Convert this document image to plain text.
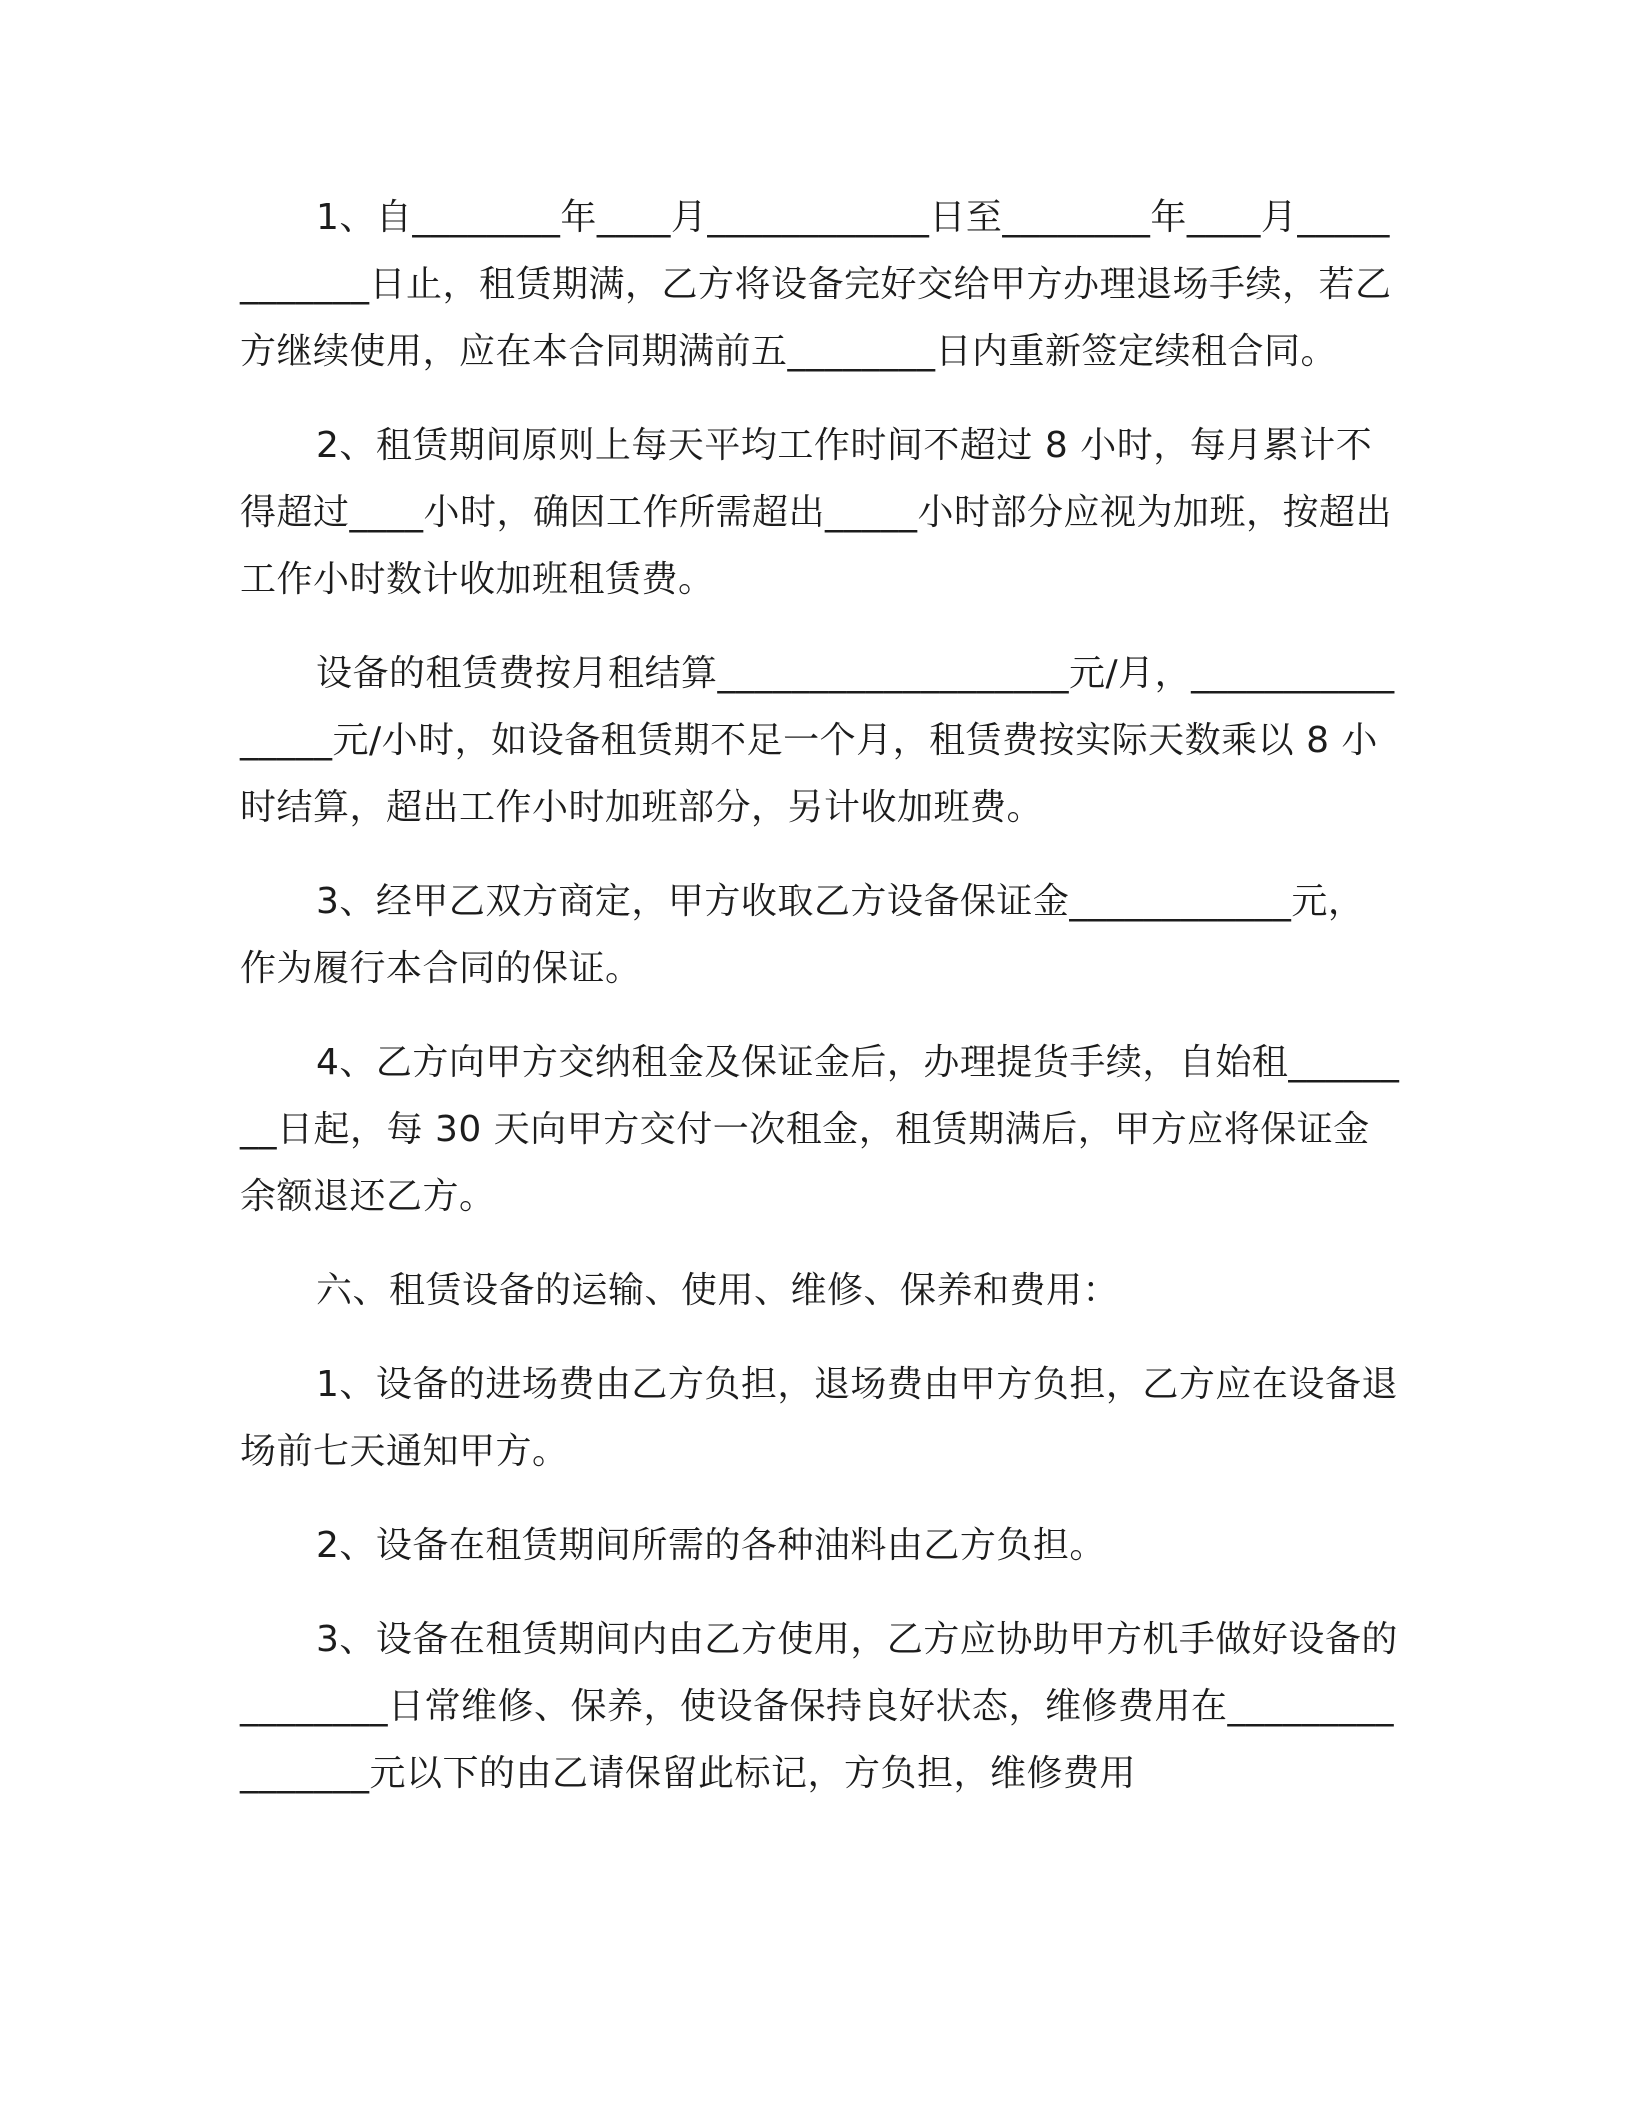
1、自________年____月____________日至________年____月____________日止，租赁期满，乙方将设备完好交给甲方办理退场手续，若乙方继续使用，应在本合同期满前五________日内重新签定续租合同。

2、租赁期间原则上每天平均工作时间不超过 8 小时，每月累计不得超过____小时，确因工作所需超出_____小时部分应视为加班，按超出工作小时数计收加班租赁费。

设备的租赁费按月租结算___________________元/月，________________元/小时，如设备租赁期不足一个月，租赁费按实际天数乘以 8 小时结算，超出工作小时加班部分，另计收加班费。

3、经甲乙双方商定，甲方收取乙方设备保证金____________元，作为履行本合同的保证。

4、乙方向甲方交纳租金及保证金后，办理提货手续，自始租________日起，每 30 天向甲方交付一次租金，租赁期满后，甲方应将保证金余额退还乙方。

六、租赁设备的运输、使用、维修、保养和费用：

1、设备的进场费由乙方负担，退场费由甲方负担，乙方应在设备退场前七天通知甲方。

2、设备在租赁期间所需的各种油料由乙方负担。

3、设备在租赁期间内由乙方使用，乙方应协助甲方机手做好设备的________日常维修、保养，使设备保持良好状态，维修费用在________________元以下的由乙请保留此标记，方负担，维修费用
